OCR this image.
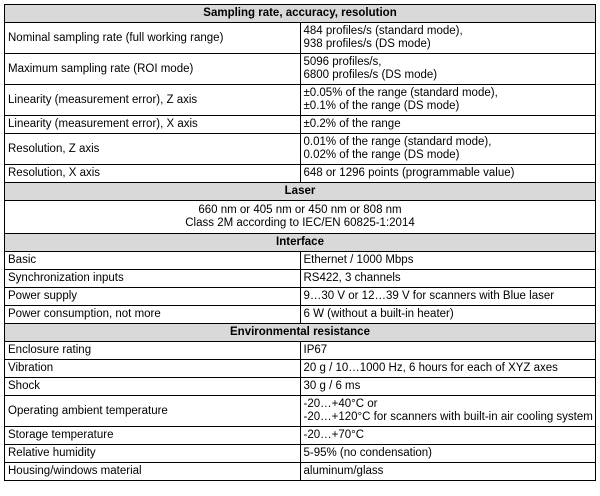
Sampling rate, accuracy, resolution	
Nominal sampling rate (full working range)	484 profiles/s (standard mode),
938 profiles/s (DS mode)

Maximum sampling rate (ROI mode)	5096 profiles/s,
6800 profiles/s (DS mode)

Linearity (measurement error), Z axis	±0.05% of the range (standard mode),
±0.1% of the range (DS mode)

Linearity (measurement error), X axis	±0.2% of the range
Resolution, Z axis	0.01% of the range (standard mode),
0.02% of the range (DS mode)

Resolution, X axis	648 or 1296 points (programmable value)
Laser	

660 nm or 405 nm or 450 nm or 808 nm
Class 2M according to IEC/EN 60825-1:2014	

Interface	
Basic	Ethernet / 1000 Mbps
Synchronization inputs	RS422, 3 channels
Power supply	9…30 V or 12…39 V for scanners with Blue laser
Power consumption, not more	6 W (without a built-in heater)
Environmental resistance	
Enclosure rating	IP67
Vibration	20 g / 10…1000 Hz, 6 hours for each of XYZ axes
Shock	30 g / 6 ms
Operating ambient temperature	-20…+40°C or
-20…+120°C for scanners with built-in air cooling system

Storage temperature	-20…+70°C
Relative humidity	5-95% (no condensation)
Housing/windows material	aluminum/glass
